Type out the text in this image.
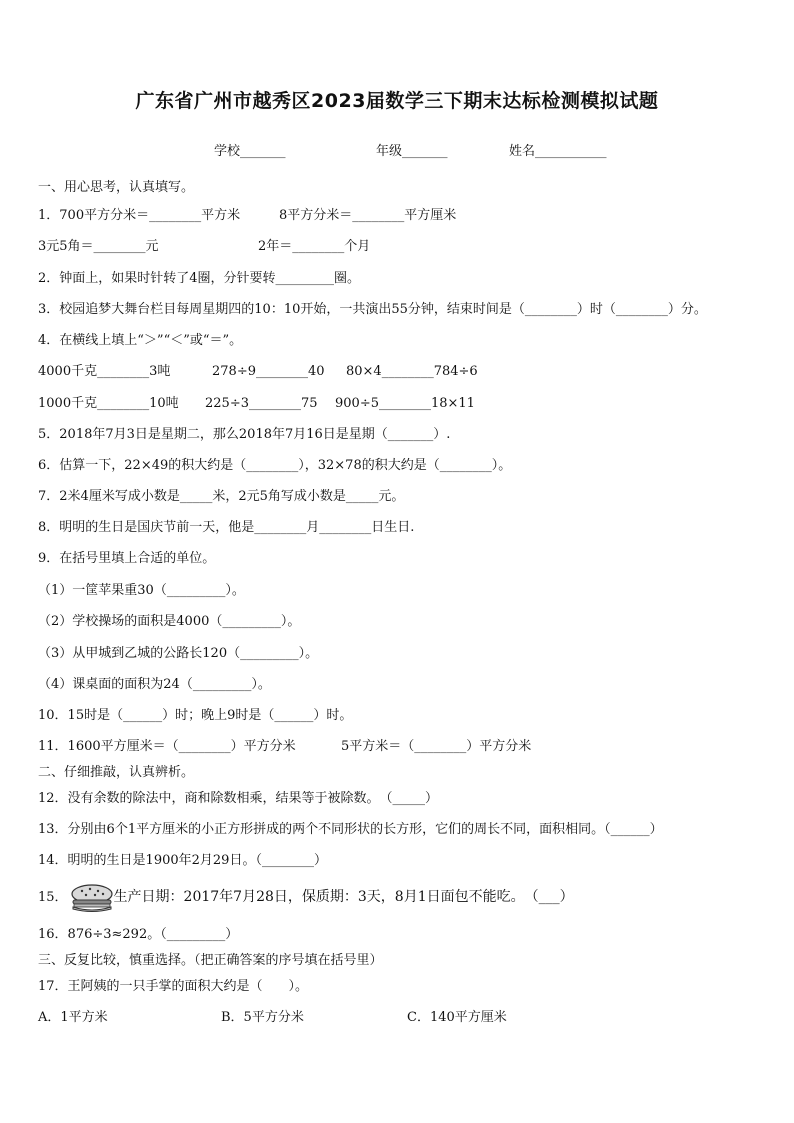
广东省广州市越秀区2023届数学三下期末达标检测模拟试题
学校_______	年级_______	姓名___________
一、用心思考，认真填写。
1．700平方分米＝________平方米	8平方分米＝________平方厘米
3元5角＝________元	2年＝________个月
2．钟面上，如果时针转了4圈，分针要转_________圈。
3．校园追梦大舞台栏目每周星期四的10：10开始，一共演出55分钟，结束时间是（________）时（________）分。
4．在横线上填上“＞”“＜”或“＝”。
4000千克________3吨	278÷9________40 80×4________784÷6
1000千克________10吨 225÷3________75 900÷5________18×11
5．2018年7月3日是星期二，那么2018年7月16日是星期（_______）.
6．估算一下，22×49的积大约是（________），32×78的积大约是（________）。
7．2米4厘米写成小数是_____米，2元5角写成小数是_____元。
8．明明的生日是国庆节前一天，他是________月________日生日.
9．在括号里填上合适的单位。
（1）一筐苹果重30（_________）。
（2）学校操场的面积是4000（_________）。
（3）从甲城到乙城的公路长120（_________）。
（4）课桌面的面积为24（_________）。
10．15时是（______）时；晚上9时是（______）时。
11．1600平方厘米＝（________）平方分米	5平方米＝（________）平方分米
二、仔细推敲，认真辨析。
12．没有余数的除法中，商和除数相乘，结果等于被除数。　（_____）
13．分别由6个1平方厘米的小正方形拼成的两个不同形状的长方形，它们的周长不同，面积相同。（______）
14．明明的生日是1900年2月29日。（________）
15．	生产日期：2017年7月28日，保质期：3天，8月1日面包不能吃。　（___）
16．876÷3≈292。（_________）
三、反复比较，慎重选择。（把正确答案的序号填在括号里）
17．王阿姨的一只手掌的面积大约是（　　）。
A．1平方米	B．5平方分米	C．140平方厘米
